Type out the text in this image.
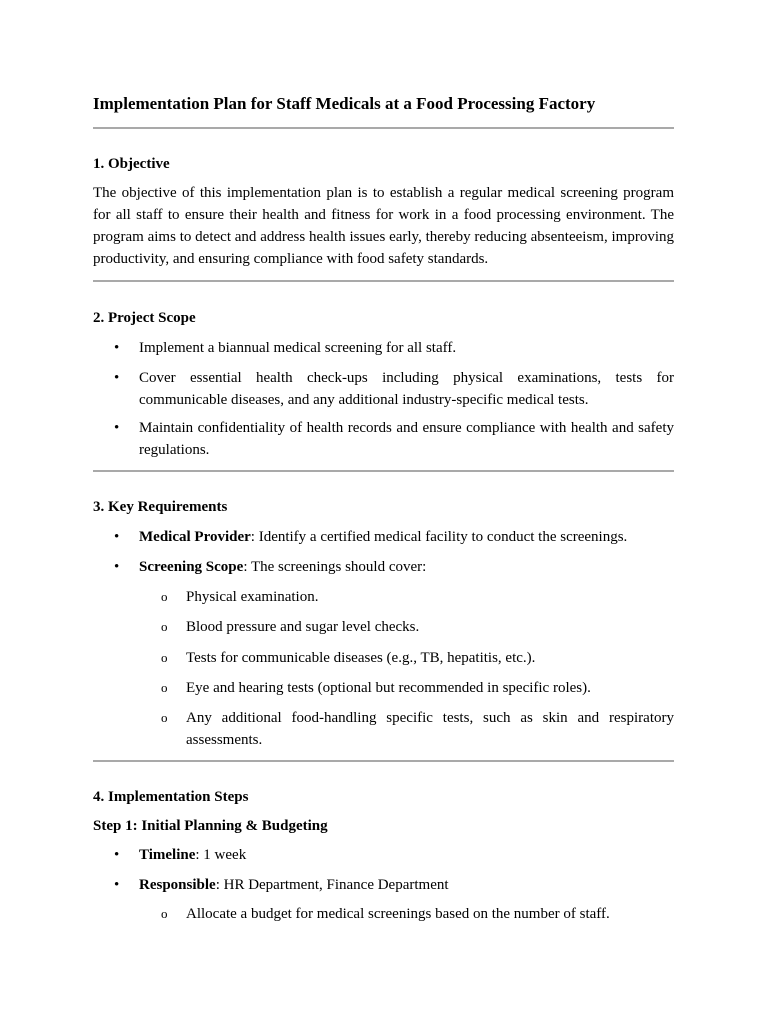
Implementation Plan for Staff Medicals at a Food Processing Factory
1. Objective

The objective of this implementation plan is to establish a regular medical screening program for all staff to ensure their health and fitness for work in a food processing environment. The program aims to detect and address health issues early, thereby reducing absenteeism, improving productivity, and ensuring compliance with food safety standards.

2. Project Scope
• Implement a biannual medical screening for all staff.
• Cover essential health check-ups including physical examinations, tests for communicable diseases, and any additional industry-specific medical tests.
• Maintain confidentiality of health records and ensure compliance with health and safety regulations.
3. Key Requirements
• Medical Provider: Identify a certified medical facility to conduct the screenings.
• Screening Scope: The screenings should cover:
o Physical examination.
o Blood pressure and sugar level checks.
o Tests for communicable diseases (e.g., TB, hepatitis, etc.).
o Eye and hearing tests (optional but recommended in specific roles).
o Any additional food-handling specific tests, such as skin and respiratory assessments.
4. Implementation Steps
Step 1: Initial Planning & Budgeting
• Timeline: 1 week
• Responsible: HR Department, Finance Department
o Allocate a budget for medical screenings based on the number of staff.
